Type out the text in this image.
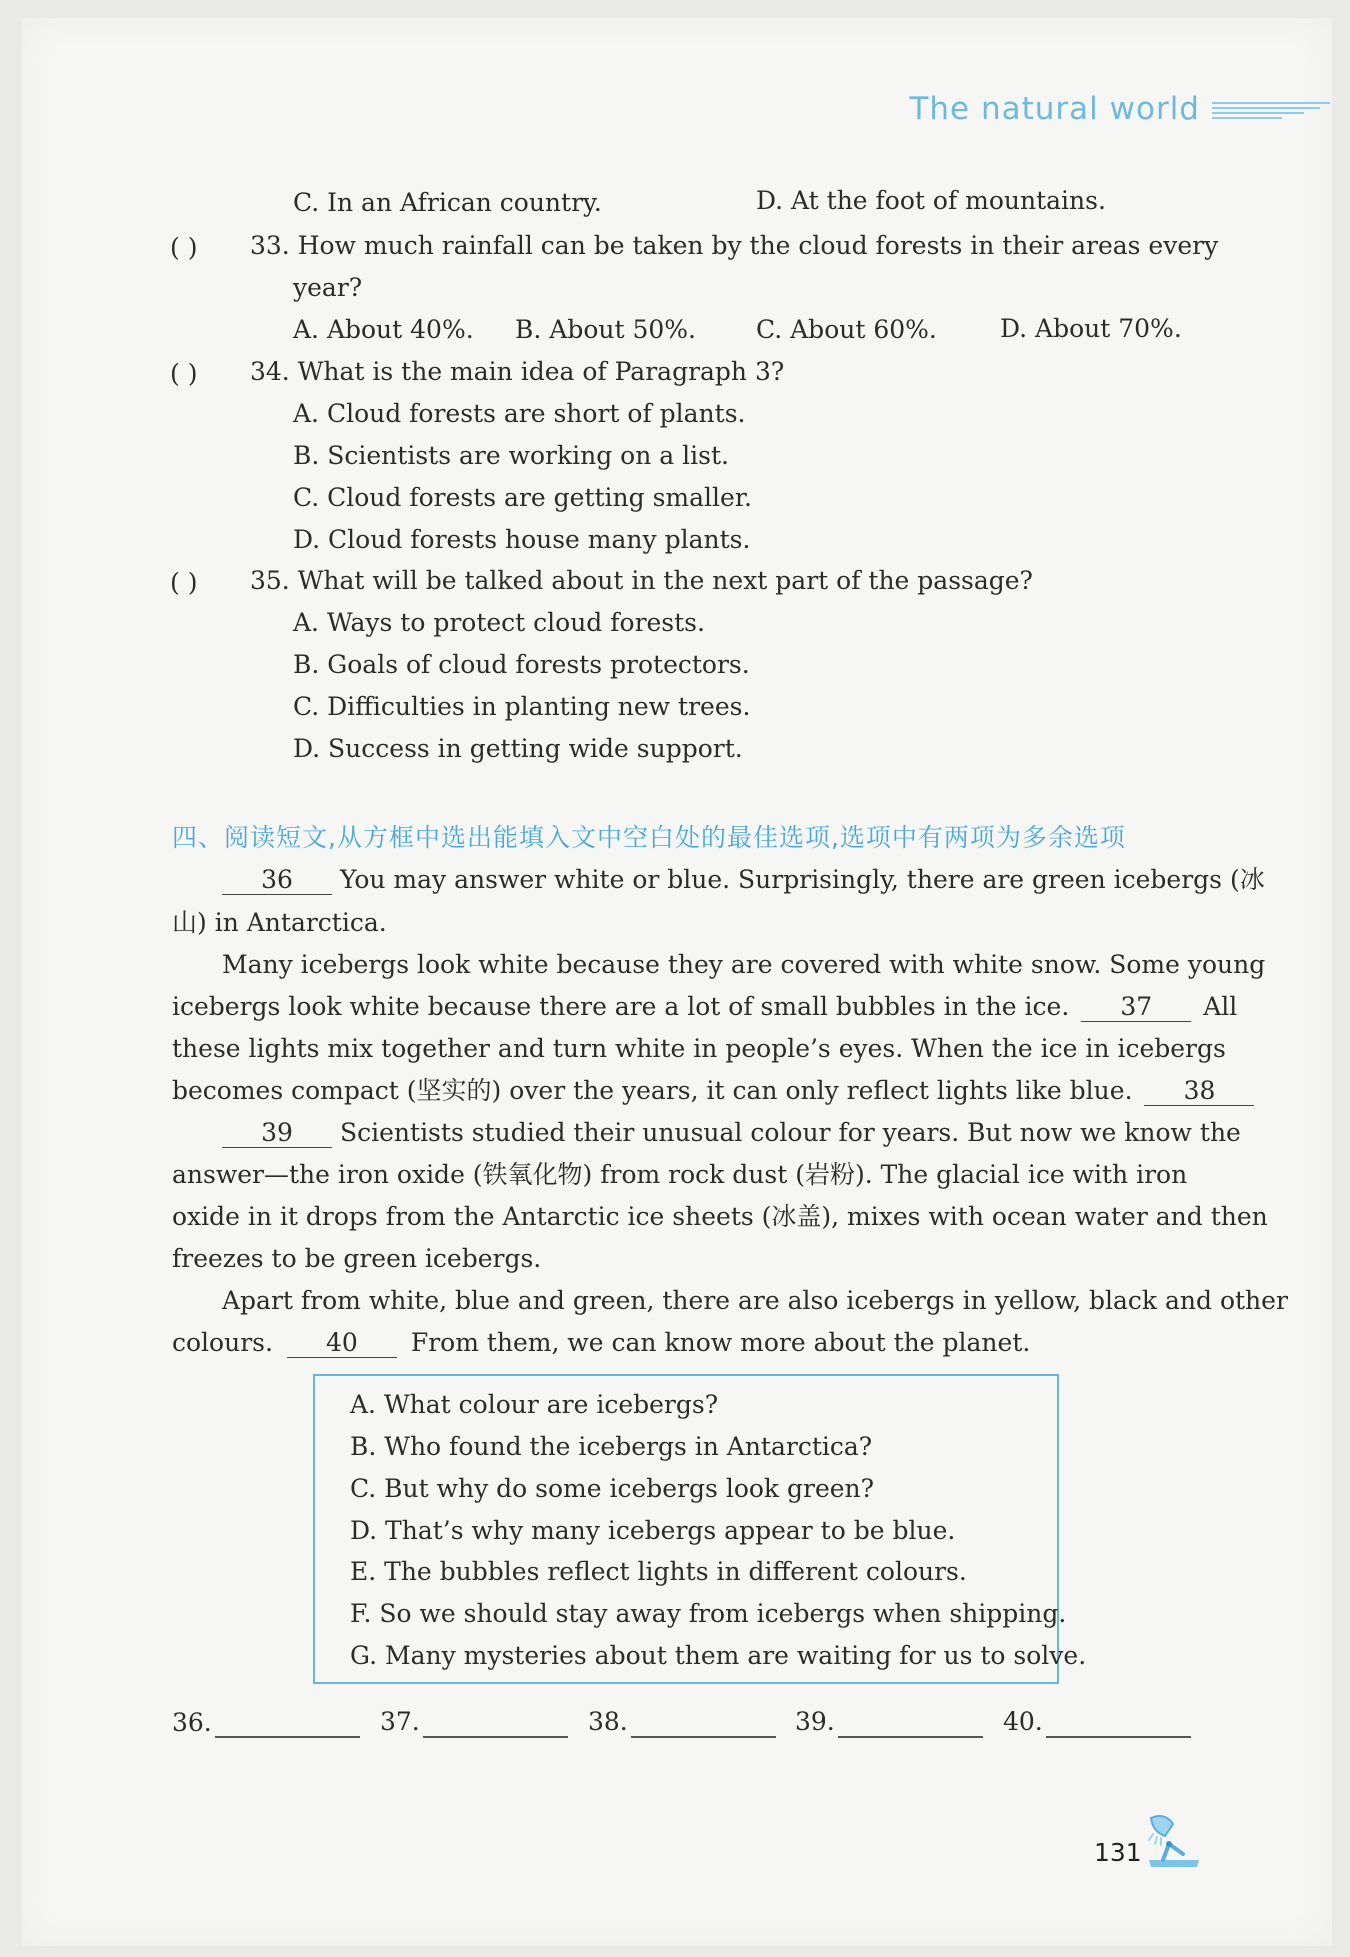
The natural world
C. In an African country.	D. At the foot of mountains.
( ) 33. How much rainfall can be taken by the cloud forests in their areas every
year?
A. About 40%. B. About 50%. C. About 60%.	D. About 70%.
( ) 34. What is the main idea of Paragraph 3?
A. Cloud forests are short of plants.
B. Scientists are working on a list.
C. Cloud forests are getting smaller.
D. Cloud forests house many plants.
( ) 35. What will be talked about in the next part of the passage?
A. Ways to protect cloud forests.
B. Goals of cloud forests protectors.
C. Difficulties in planting new trees.
D. Success in getting wide support.
四、阅读短文,从方框中选出能填入文中空白处的最佳选项,选项中有两项为多余选项
36 You may answer white or blue. Surprisingly, there are green icebergs (冰
山) in Antarctica.
Many icebergs look white because they are covered with white snow. Some young
icebergs look white because there are a lot of small bubbles in the ice. 37 All
these lights mix together and turn white in people’s eyes. When the ice in icebergs
becomes compact (坚实的) over the years, it can only reflect lights like blue. 38
39 Scientists studied their unusual colour for years. But now we know the
answer—the iron oxide (铁氧化物) from rock dust (岩粉). The glacial ice with iron
oxide in it drops from the Antarctic ice sheets (冰盖), mixes with ocean water and then
freezes to be green icebergs.
Apart from white, blue and green, there are also icebergs in yellow, black and other
colours. 40 From them, we can know more about the planet.
A. What colour are icebergs?
B. Who found the icebergs in Antarctica?
C. But why do some icebergs look green?
D. That’s why many icebergs appear to be blue.
E. The bubbles reflect lights in different colours.
F. So we should stay away from icebergs when shipping.
G. Many mysteries about them are waiting for us to solve.
36.	37.	38.	39.	40.
131
